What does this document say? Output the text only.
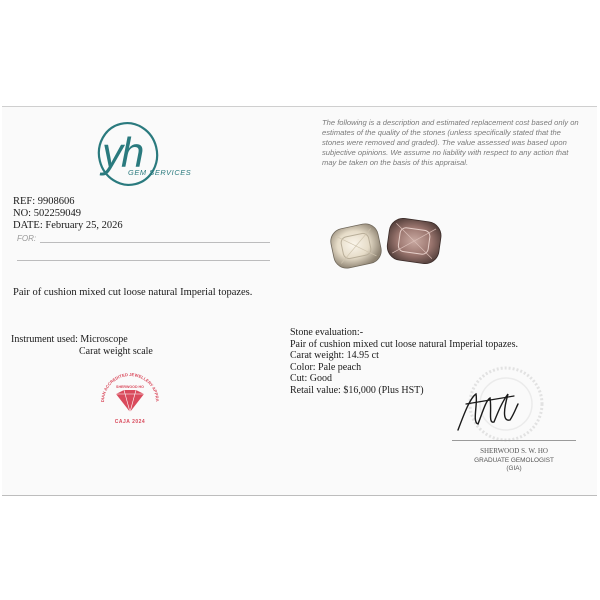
yh
GEM SERVICES
The following is a description and estimated replacement cost based only on estimates of the quality of the stones (unless specifically stated that the stones were removed and graded). The value assessed was based upon subjective opinions. We assume no liability with respect to any action that may be taken on the basis of this appraisal.
REF: 9908606
NO: 502259049
DATE: February 25, 2026
FOR:
Pair of cushion mixed cut loose natural Imperial topazes.
Instrument used: Microscope
Carat weight scale
DIAN ACCREDITED JEWELLERY APPRA
SHERWOOD HO
CAJA 2024
Stone evaluation:-
Pair of cushion mixed cut loose natural Imperial topazes.
Carat weight: 14.95 ct
Color: Pale peach
Cut: Good
Retail value: $16,000 (Plus HST)
SHERWOOD S. W. HO
GRADUATE GEMOLOGIST
(GIA)
